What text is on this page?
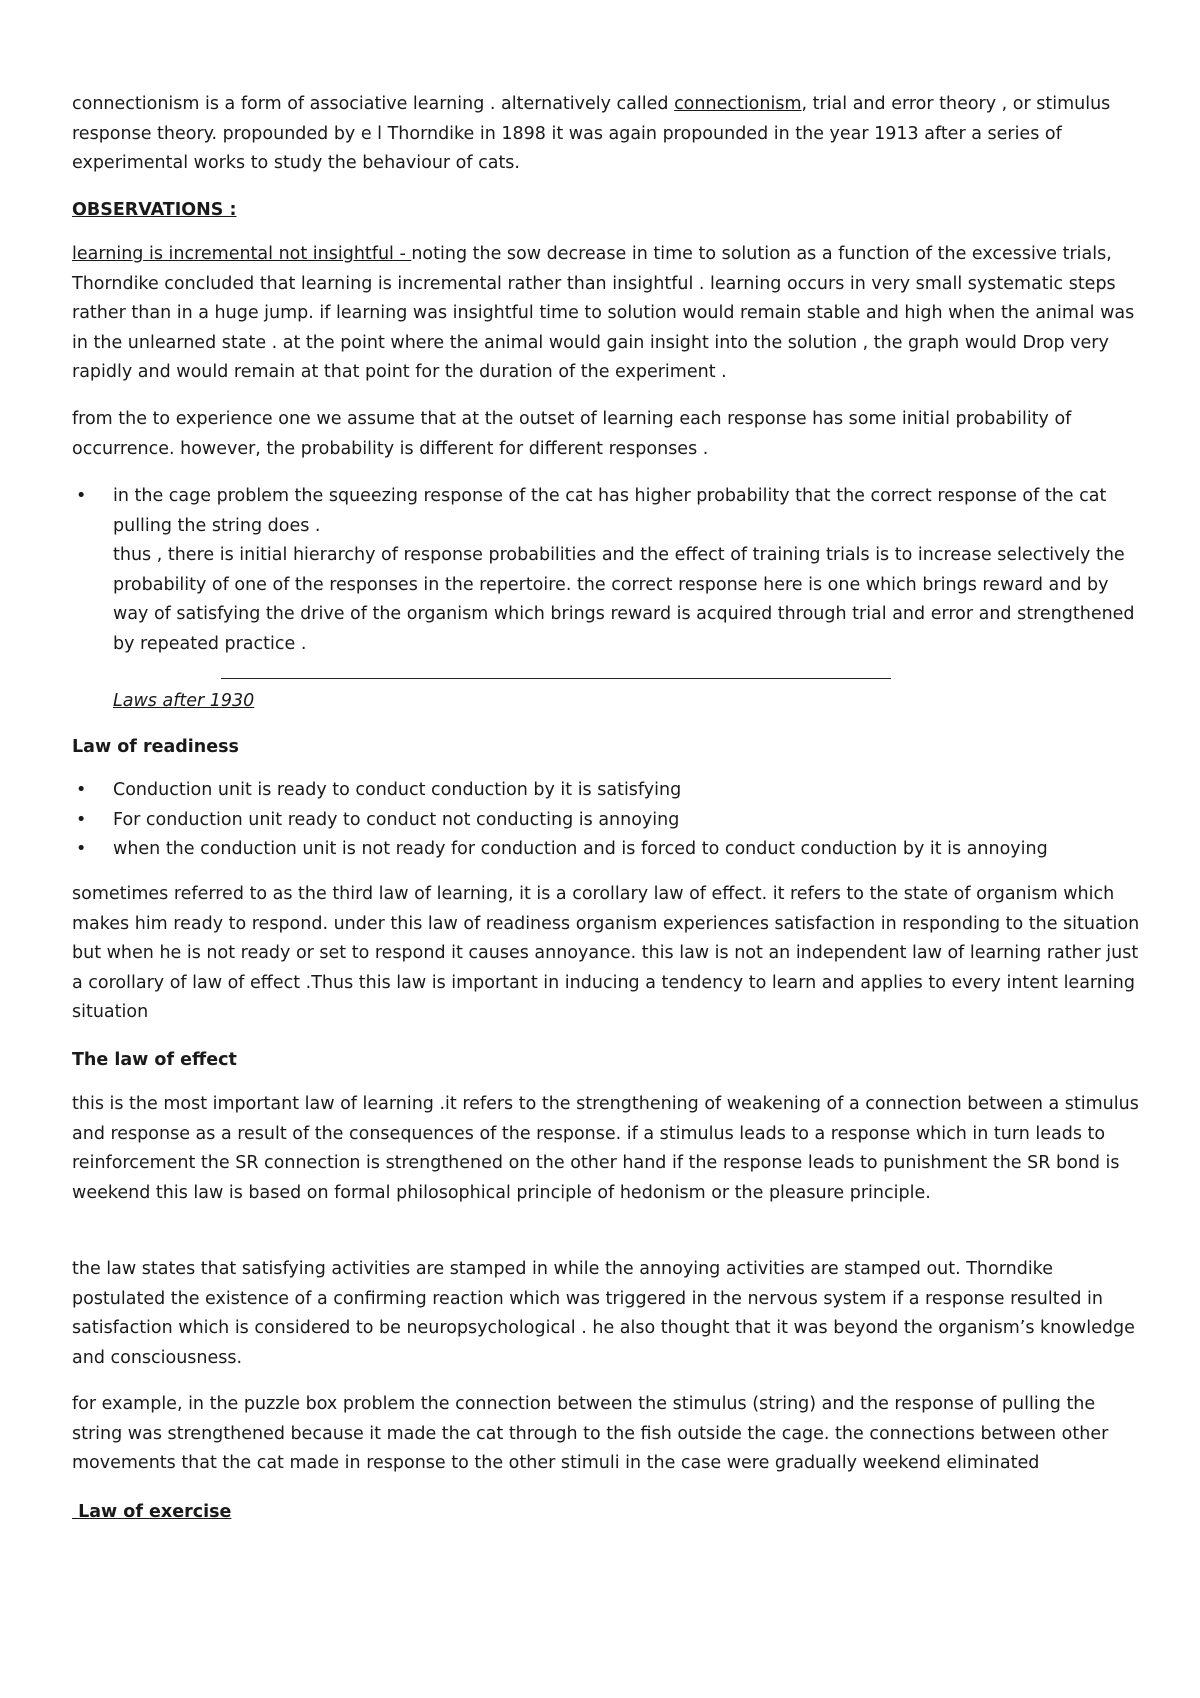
connectionism is a form of associative learning . alternatively called connectionism, trial and error theory , or stimulus response theory. propounded by e l Thorndike in 1898 it was again propounded in the year 1913 after a series of experimental works to study the behaviour of cats.

OBSERVATIONS :

learning is incremental not insightful - noting the sow decrease in time to solution as a function of the excessive trials, Thorndike concluded that learning is incremental rather than insightful . learning occurs in very small systematic steps rather than in a huge jump. if learning was insightful time to solution would remain stable and high when the animal was in the unlearned state . at the point where the animal would gain insight into the solution , the graph would Drop very rapidly and would remain at that point for the duration of the experiment .

from the to experience one we assume that at the outset of learning each response has some initial probability of occurrence. however, the probability is different for different responses .

• in the cage problem the squeezing response of the cat has higher probability that the correct response of the cat pulling the string does .
thus , there is initial hierarchy of response probabilities and the effect of training trials is to increase selectively the probability of one of the responses in the repertoire. the correct response here is one which brings reward and by way of satisfying the drive of the organism which brings reward is acquired through trial and error and strengthened by repeated practice .

Laws after 1930

Law of readiness

• Conduction unit is ready to conduct conduction by it is satisfying
• For conduction unit ready to conduct not conducting is annoying
• when the conduction unit is not ready for conduction and is forced to conduct conduction by it is annoying

sometimes referred to as the third law of learning, it is a corollary law of effect. it refers to the state of organism which makes him ready to respond. under this law of readiness organism experiences satisfaction in responding to the situation but when he is not ready or set to respond it causes annoyance. this law is not an independent law of learning rather just a corollary of law of effect .Thus this law is important in inducing a tendency to learn and applies to every intent learning situation

The law of effect

this is the most important law of learning .it refers to the strengthening of weakening of a connection between a stimulus and response as a result of the consequences of the response. if a stimulus leads to a response which in turn leads to reinforcement the SR connection is strengthened on the other hand if the response leads to punishment the SR bond is weekend this law is based on formal philosophical principle of hedonism or the pleasure principle.

the law states that satisfying activities are stamped in while the annoying activities are stamped out. Thorndike postulated the existence of a confirming reaction which was triggered in the nervous system if a response resulted in satisfaction which is considered to be neuropsychological . he also thought that it was beyond the organism’s knowledge and consciousness.

for example, in the puzzle box problem the connection between the stimulus (string) and the response of pulling the string was strengthened because it made the cat through to the fish outside the cage. the connections between other movements that the cat made in response to the other stimuli in the case were gradually weekend eliminated

Law of exercise
